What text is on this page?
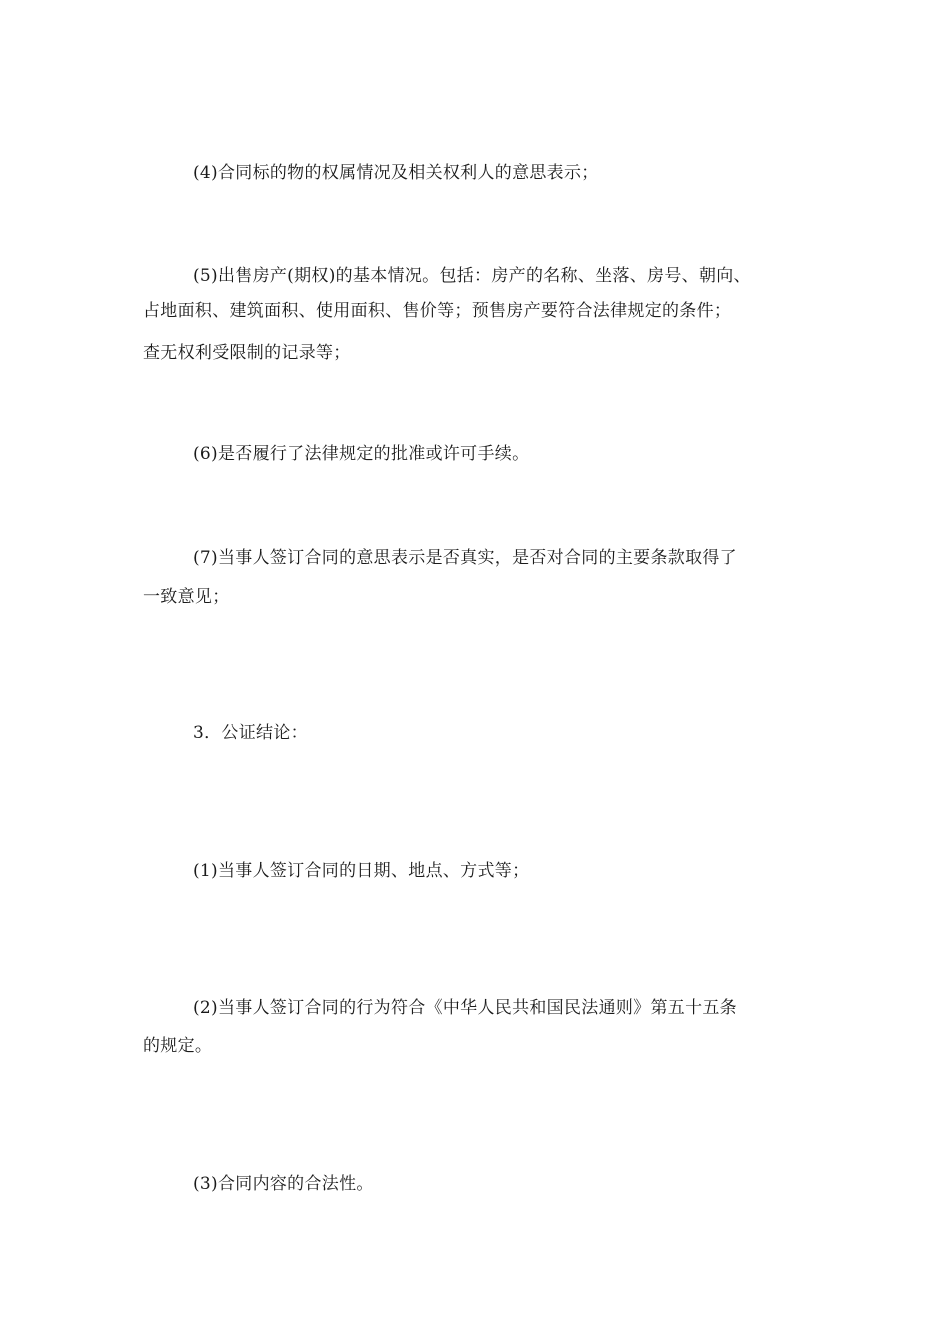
(4)合同标的物的权属情况及相关权利人的意思表示；
(5)出售房产(期权)的基本情况。包括：房产的名称、坐落、房号、朝向、
占地面积、建筑面积、使用面积、售价等；预售房产要符合法律规定的条件；
查无权利受限制的记录等；
(6)是否履行了法律规定的批准或许可手续。
(7)当事人签订合同的意思表示是否真实，是否对合同的主要条款取得了
一致意见；
3．公证结论：
(1)当事人签订合同的日期、地点、方式等；
(2)当事人签订合同的行为符合《中华人民共和国民法通则》第五十五条
的规定。
(3)合同内容的合法性。
